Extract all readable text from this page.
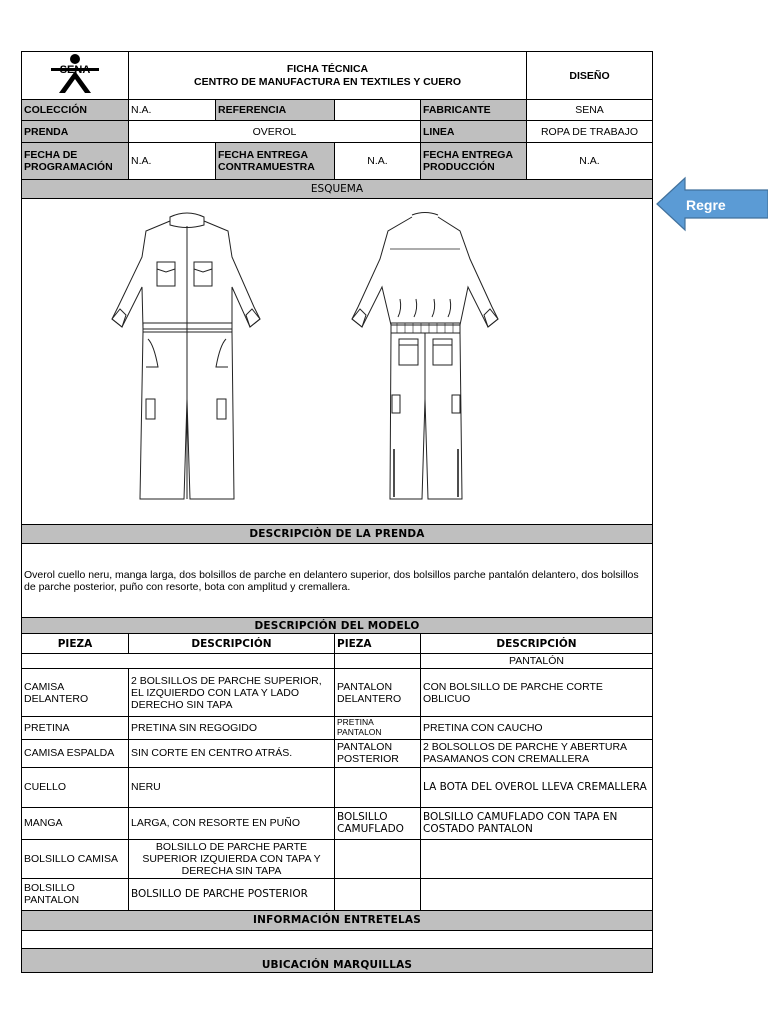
SENA	FICHA TÉCNICA
CENTRO DE MANUFACTURA EN TEXTILES Y CUERO				DISEÑO
COLECCIÓN	N.A.	REFERENCIA		FABRICANTE	SENA
PRENDA	OVEROL			LINEA	ROPA DE TRABAJO
FECHA DE PROGRAMACIÓN	N.A.	FECHA ENTREGA CONTRAMUESTRA	N.A.	FECHA ENTREGA PRODUCCIÓN	N.A.
ESQUEMA					

DESCRIPCIÒN DE LA PRENDA					
Overol cuello neru, manga larga, dos bolsillos de parche en delantero superior, dos bolsillos parche pantalón delantero, dos bolsillos de parche posterior, puño con resorte, bota con amplitud y cremallera.					
DESCRIPCIÓN DEL MODELO					
PIEZA	DESCRIPCIÓN		PIEZA	DESCRIPCIÓN	
				PANTALÓN	
CAMISA DELANTERO	2 BOLSILLOS DE PARCHE SUPERIOR, EL IZQUIERDO CON LATA Y LADO DERECHO SIN TAPA		PANTALON DELANTERO	CON BOLSILLO DE PARCHE CORTE OBLICUO	
PRETINA	PRETINA SIN REGOGIDO		PRETINA PANTALON	PRETINA CON CAUCHO	
CAMISA ESPALDA	SIN CORTE EN CENTRO ATRÁS.		PANTALON POSTERIOR	2 BOLSOLLOS DE PARCHE Y ABERTURA PASAMANOS CON CREMALLERA	
CUELLO	NERU			LA BOTA DEL OVEROL LLEVA CREMALLERA	
MANGA	LARGA, CON RESORTE EN PUÑO		BOLSILLO CAMUFLADO	BOLSILLO CAMUFLADO CON TAPA EN COSTADO PANTALON	
BOLSILLO CAMISA	BOLSILLO DE PARCHE PARTE SUPERIOR IZQUIERDA CON TAPA Y DERECHA SIN TAPA				
BOLSILLO PANTALON	BOLSILLO DE PARCHE POSTERIOR				
INFORMACIÓN ENTRETELAS					

UBICACIÓN MARQUILLAS					
Regre
